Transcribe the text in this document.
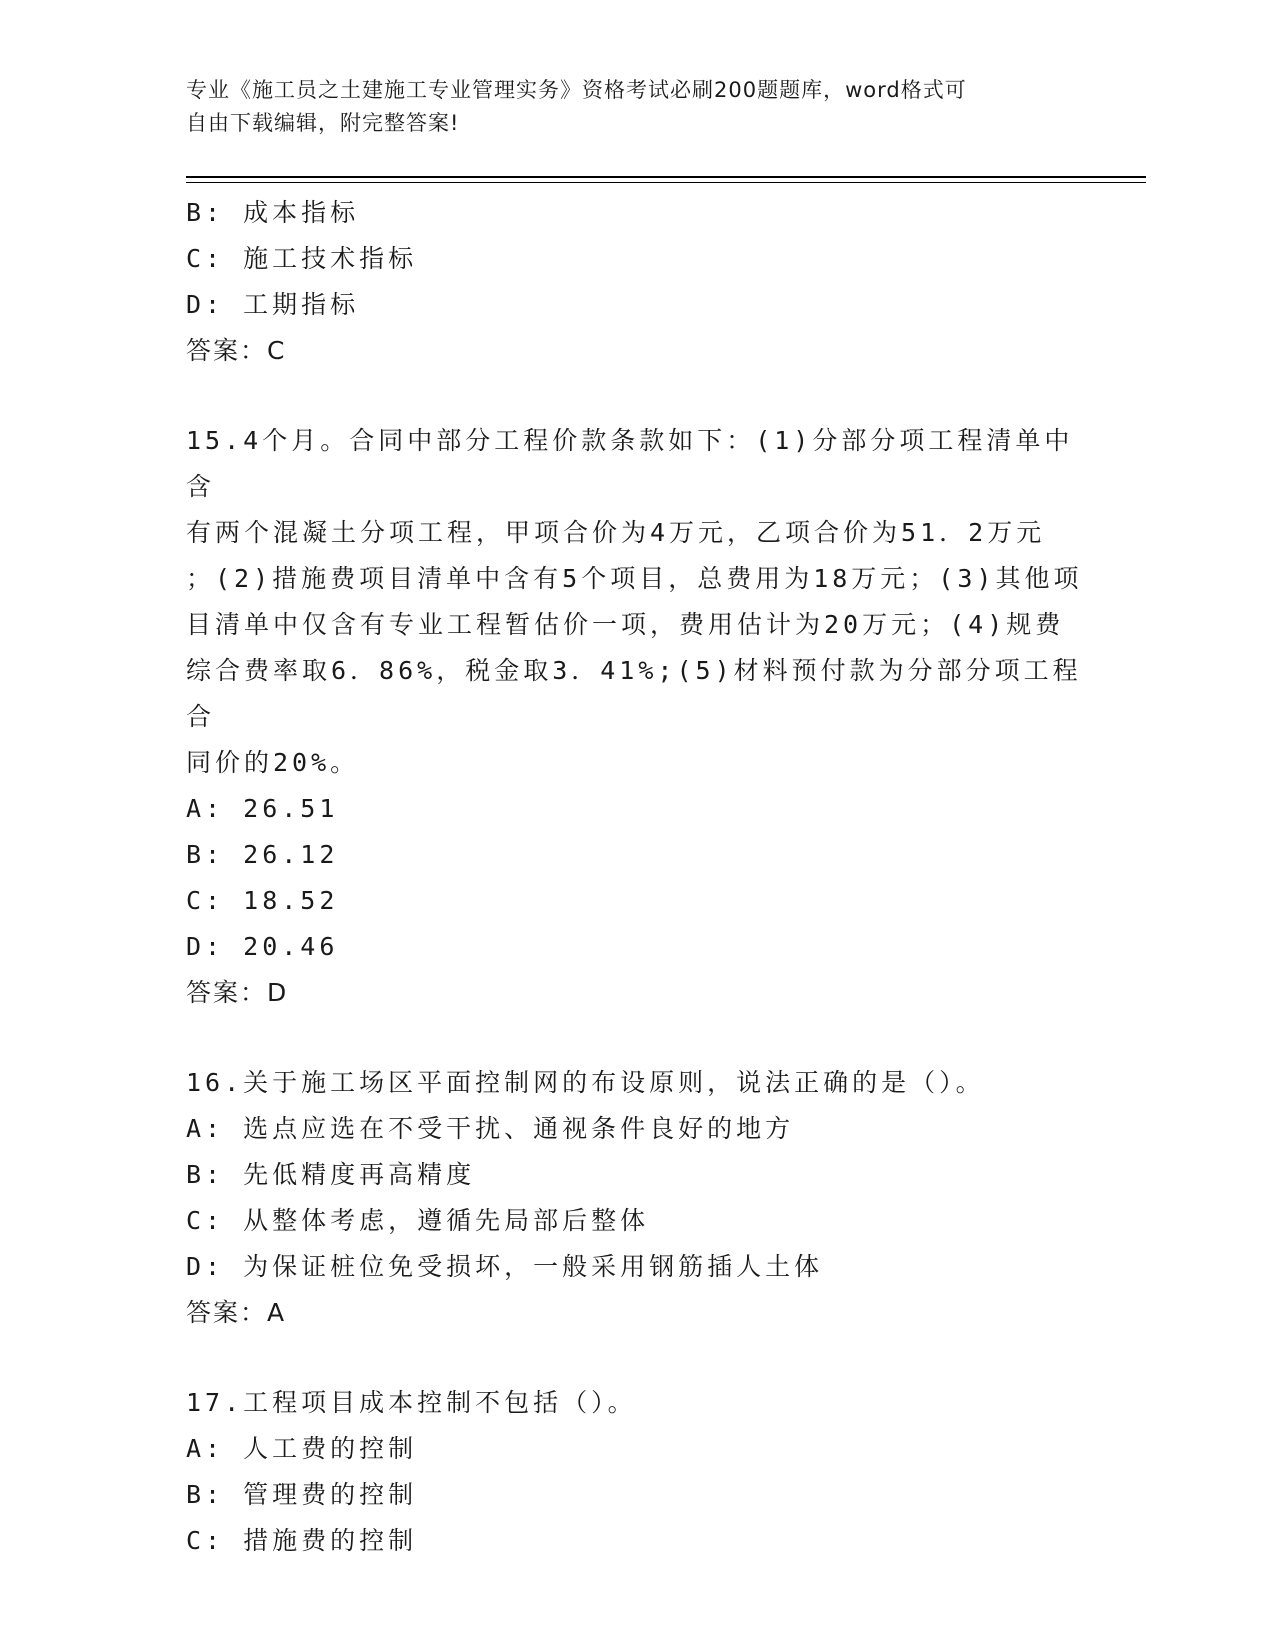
专业《施工员之土建施工专业管理实务》资格考试必刷200题题库，word格式可
自由下载编辑，附完整答案!
B: 成本指标
C: 施工技术指标
D: 工期指标
答案：C
15.4个月。合同中部分工程价款条款如下：(1)分部分项工程清单中含
有两个混凝土分项工程，甲项合价为4万元，乙项合价为51．2万元
；(2)措施费项目清单中含有5个项目，总费用为18万元；(3)其他项
目清单中仅含有专业工程暂估价一项，费用估计为20万元；(4)规费
综合费率取6．86%，税金取3．41%;(5)材料预付款为分部分项工程合
同价的20%。
A: 26.51
B: 26.12
C: 18.52
D: 20.46
答案：D
16.关于施工场区平面控制网的布设原则，说法正确的是（）。
A: 选点应选在不受干扰、通视条件良好的地方
B: 先低精度再高精度
C: 从整体考虑，遵循先局部后整体
D: 为保证桩位免受损坏，一般采用钢筋插人土体
答案：A
17.工程项目成本控制不包括（）。
A: 人工费的控制
B: 管理费的控制
C: 措施费的控制
